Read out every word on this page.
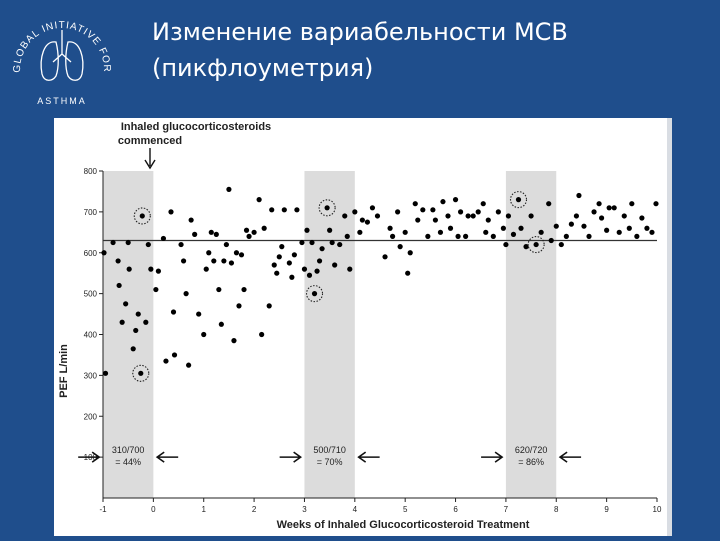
GLOBAL INITIATIVE FOR
ASTHMA
Изменение вариабельности МСВ
(пикфлоуметрия)
100
200
300
400
500
600
700
800
-1	0	1	2	3	4	5	6	7	8	9	10
310/700
= 44%
500/710
= 70%
620/720
= 86%
Inhaled glucocorticosteroids
commenced
Weeks of Inhaled Glucocorticosteroid Treatment
PEF L/min
